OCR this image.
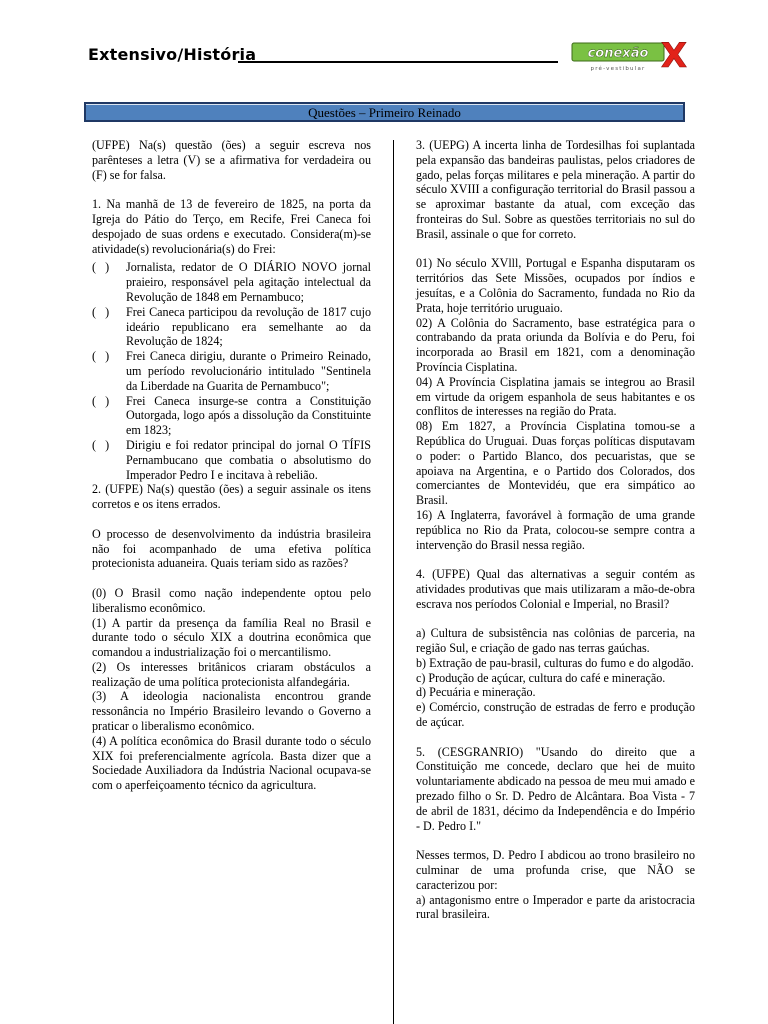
Extensivo/História	conexão X
pré-vestibular
Questões – Primeiro Reinado

(UFPE) Na(s) questão (ões) a seguir escreva nos parênteses a letra (V) se a afirmativa for verdadeira ou (F) se for falsa.

1. Na manhã de 13 de fevereiro de 1825, na porta da Igreja do Pátio do Terço, em Recife, Frei Caneca foi despojado de suas ordens e executado. Considera(m)-se atividade(s) revolucionária(s) do Frei:

(   )	Jornalista, redator de O DIÁRIO NOVO jornal praieiro, responsável pela agitação intelectual da Revolução de 1848 em Pernambuco;
(   )	Frei Caneca participou da revolução de 1817 cujo ideário republicano era semelhante ao da Revolução de 1824;
(   )	Frei Caneca dirigiu, durante o Primeiro Reinado, um período revolucionário intitulado "Sentinela da Liberdade na Guarita de Pernambuco";
(   )	Frei Caneca insurge-se contra a Constituição Outorgada, logo após a dissolução da Constituinte em 1823;
(   )	Dirigiu e foi redator principal do jornal O TÍFIS Pernambucano que combatia o absolutismo do Imperador Pedro I e incitava à rebelião.

2. (UFPE) Na(s) questão (ões) a seguir assinale os itens corretos e os itens errados.

O processo de desenvolvimento da indústria brasileira não foi acompanhado de uma efetiva política protecionista aduaneira. Quais teriam sido as razões?

(0) O Brasil como nação independente optou pelo liberalismo econômico.

(1) A partir da presença da família Real no Brasil e durante todo o século XIX a doutrina econômica que comandou a industrialização foi o mercantilismo.

(2) Os interesses britânicos criaram obstáculos a realização de uma política protecionista alfandegária.

(3) A ideologia nacionalista encontrou grande ressonância no Império Brasileiro levando o Governo a praticar o liberalismo econômico.

(4) A política econômica do Brasil durante todo o século XIX foi preferencialmente agrícola. Basta dizer que a Sociedade Auxiliadora da Indústria Nacional ocupava-se com o aperfeiçoamento técnico da agricultura.

3. (UEPG) A incerta linha de Tordesilhas foi suplantada pela expansão das bandeiras paulistas, pelos criadores de gado, pelas forças militares e pela mineração. A partir do século XVIII a configuração territorial do Brasil passou a se aproximar bastante da atual, com exceção das fronteiras do Sul. Sobre as questões territoriais no sul do Brasil, assinale o que for correto.

01) No século XVlll, Portugal e Espanha disputaram os territórios das Sete Missões, ocupados por índios e jesuítas, e a Colônia do Sacramento, fundada no Rio da Prata, hoje território uruguaio.

02) A Colônia do Sacramento, base estratégica para o contrabando da prata oriunda da Bolívia e do Peru, foi incorporada ao Brasil em 1821, com a denominação Província Cisplatina.

04) A Província Cisplatina jamais se integrou ao Brasil em virtude da origem espanhola de seus habitantes e os conflitos de interesses na região do Prata.

08) Em 1827, a Província Cisplatina tomou-se a República do Uruguai. Duas forças políticas disputavam o poder: o Partido Blanco, dos pecuaristas, que se apoiava na Argentina, e o Partido dos Colorados, dos comerciantes de Montevidéu, que era simpático ao Brasil.

16) A Inglaterra, favorável à formação de uma grande república no Rio da Prata, colocou-se sempre contra a intervenção do Brasil nessa região.

4. (UFPE) Qual das alternativas a seguir contém as atividades produtivas que mais utilizaram a mão-de-obra escrava nos períodos Colonial e Imperial, no Brasil?

a) Cultura de subsistência nas colônias de parceria, na região Sul, e criação de gado nas terras gaúchas.

b) Extração de pau-brasil, culturas do fumo e do algodão.

c) Produção de açúcar, cultura do café e mineração.

d) Pecuária e mineração.

e) Comércio, construção de estradas de ferro e produção de açúcar.

5. (CESGRANRIO) "Usando do direito que a Constituição me concede, declaro que hei de muito voluntariamente abdicado na pessoa de meu mui amado e prezado filho o Sr. D. Pedro de Alcântara. Boa Vista - 7 de abril de 1831, décimo da Independência e do Império - D. Pedro I."

Nesses termos, D. Pedro I abdicou ao trono brasileiro no culminar de uma profunda crise, que NÃO se caracterizou por:

a) antagonismo entre o Imperador e parte da aristocracia rural brasileira.
